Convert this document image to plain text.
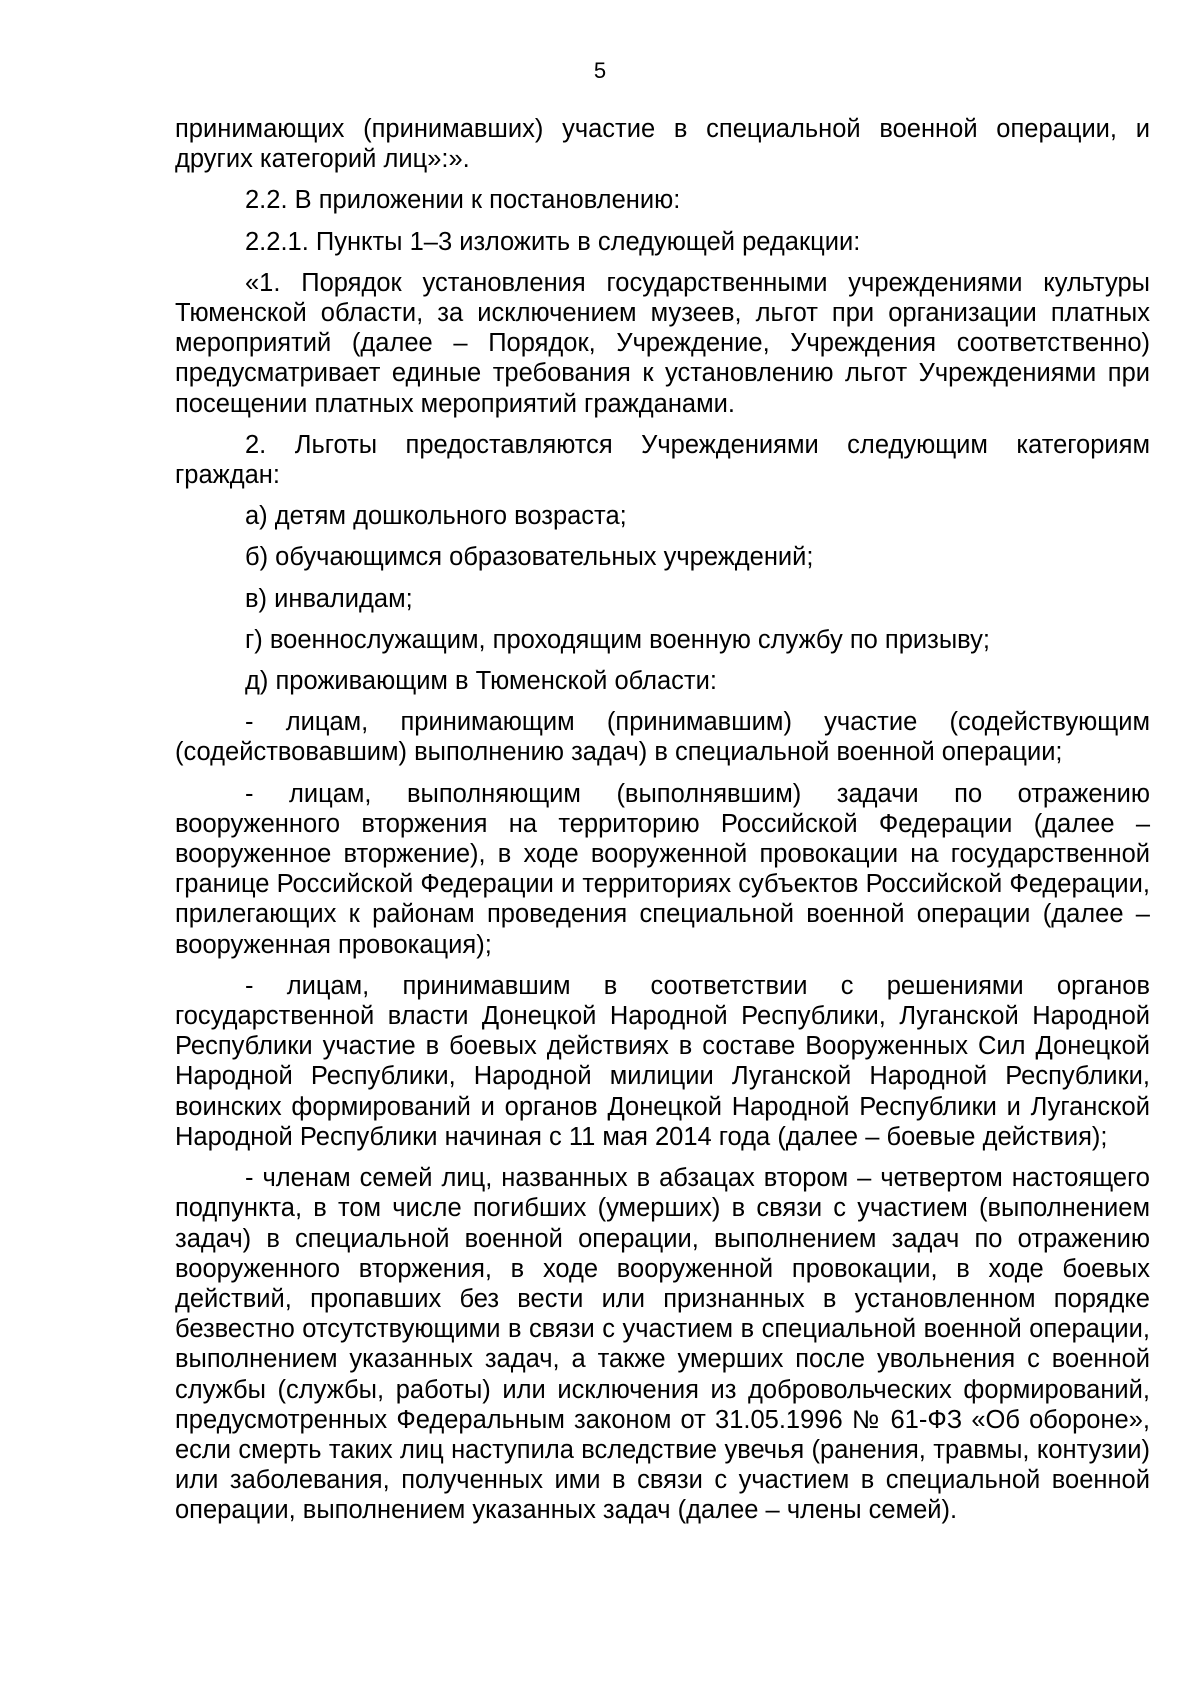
5

принимающих (принимавших) участие в специальной военной операции, и других категорий лиц»:».

2.2. В приложении к постановлению:

2.2.1. Пункты 1–3 изложить в следующей редакции:

«1. Порядок установления государственными учреждениями культуры Тюменской области, за исключением музеев, льгот при организации платных мероприятий (далее – Порядок, Учреждение, Учреждения соответственно) предусматривает единые требования к установлению льгот Учреждениями при посещении платных мероприятий гражданами.

2. Льготы предоставляются Учреждениями следующим категориям граждан:

а) детям дошкольного возраста;

б) обучающимся образовательных учреждений;

в) инвалидам;

г) военнослужащим, проходящим военную службу по призыву;

д) проживающим в Тюменской области:

- лицам, принимающим (принимавшим) участие (содействующим (содействовавшим) выполнению задач) в специальной военной операции;

- лицам, выполняющим (выполнявшим) задачи по отражению вооруженного вторжения на территорию Российской Федерации (далее – вооруженное вторжение), в ходе вооруженной провокации на государственной границе Российской Федерации и территориях субъектов Российской Федерации, прилегающих к районам проведения специальной военной операции (далее – вооруженная провокация);

- лицам, принимавшим в соответствии с решениями органов государственной власти Донецкой Народной Республики, Луганской Народной Республики участие в боевых действиях в составе Вооруженных Сил Донецкой Народной Республики, Народной милиции Луганской Народной Республики, воинских формирований и органов Донецкой Народной Республики и Луганской Народной Республики начиная с 11 мая 2014 года (далее – боевые действия);

- членам семей лиц, названных в абзацах втором – четвертом настоящего подпункта, в том числе погибших (умерших) в связи с участием (выполнением задач) в специальной военной операции, выполнением задач по отражению вооруженного вторжения, в ходе вооруженной провокации, в ходе боевых действий, пропавших без вести или признанных в установленном порядке безвестно отсутствующими в связи с участием в специальной военной операции, выполнением указанных задач, а также умерших после увольнения с военной службы (службы, работы) или исключения из добровольческих формирований, предусмотренных Федеральным законом от 31.05.1996 № 61-ФЗ «Об обороне», если смерть таких лиц наступила вследствие увечья (ранения, травмы, контузии) или заболевания, полученных ими в связи с участием в специальной военной операции, выполнением указанных задач (далее – члены семей).
